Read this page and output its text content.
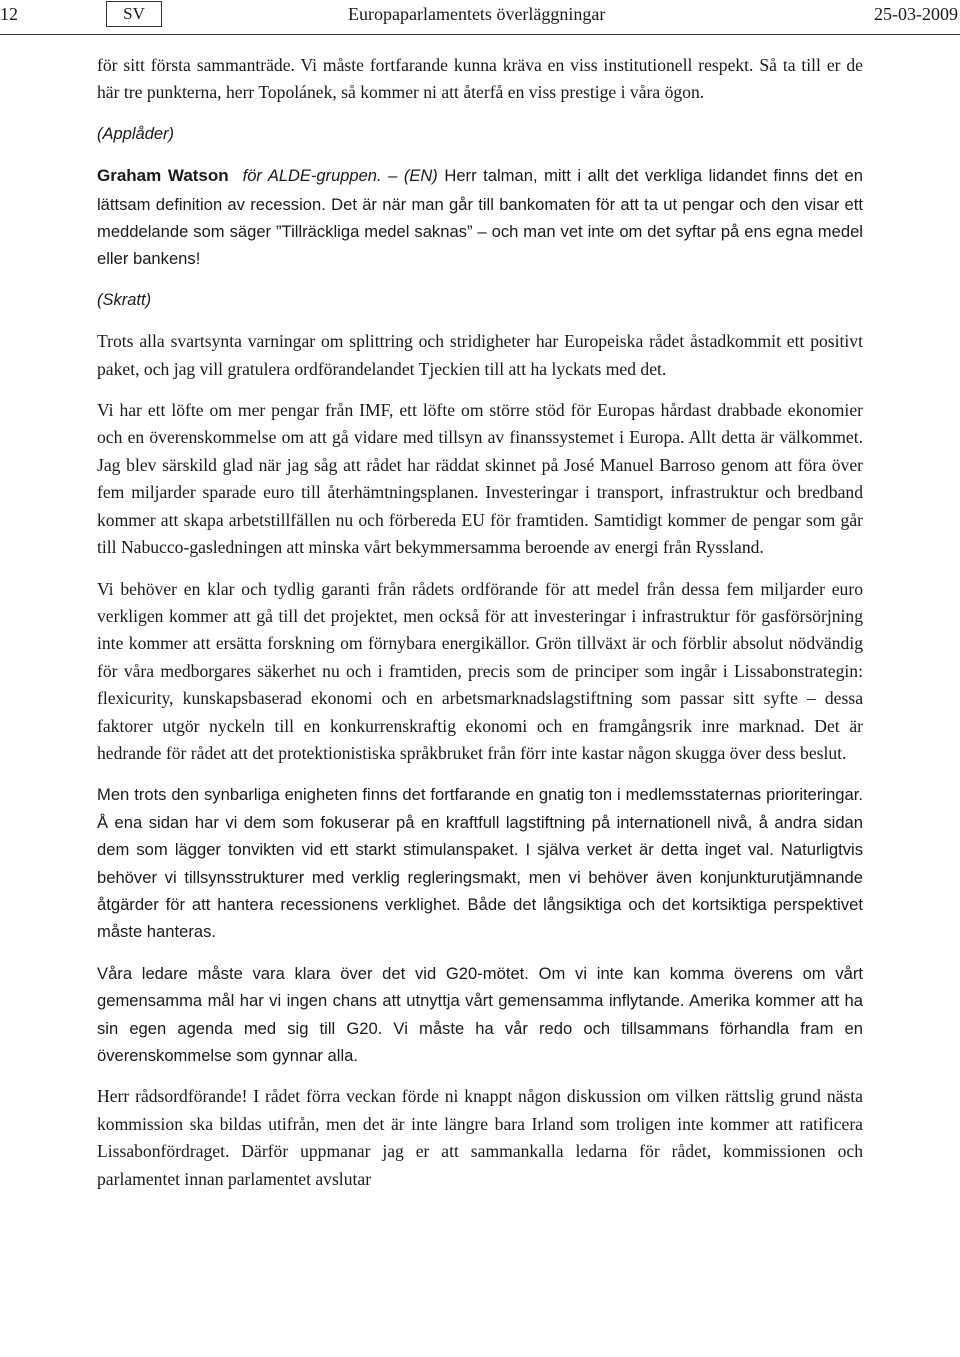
12	SV	Europaparlamentets överläggningar	25-03-2009

för sitt första sammanträde. Vi måste fortfarande kunna kräva en viss institutionell respekt. Så ta till er de här tre punkterna, herr Topolánek, så kommer ni att återfå en viss prestige i våra ögon.

(Applåder)

Graham Watson för ALDE-gruppen. – (EN) Herr talman, mitt i allt det verkliga lidandet finns det en lättsam definition av recession. Det är när man går till bankomaten för att ta ut pengar och den visar ett meddelande som säger ”Tillräckliga medel saknas” – och man vet inte om det syftar på ens egna medel eller bankens!

(Skratt)

Trots alla svartsynta varningar om splittring och stridigheter har Europeiska rådet åstadkommit ett positivt paket, och jag vill gratulera ordförandelandet Tjeckien till att ha lyckats med det.

Vi har ett löfte om mer pengar från IMF, ett löfte om större stöd för Europas hårdast drabbade ekonomier och en överenskommelse om att gå vidare med tillsyn av finanssystemet i Europa. Allt detta är välkommet. Jag blev särskild glad när jag såg att rådet har räddat skinnet på José Manuel Barroso genom att föra över fem miljarder sparade euro till återhämtningsplanen. Investeringar i transport, infrastruktur och bredband kommer att skapa arbetstillfällen nu och förbereda EU för framtiden. Samtidigt kommer de pengar som går till Nabucco-gasledningen att minska vårt bekymmersamma beroende av energi från Ryssland.

Vi behöver en klar och tydlig garanti från rådets ordförande för att medel från dessa fem miljarder euro verkligen kommer att gå till det projektet, men också för att investeringar i infrastruktur för gasförsörjning inte kommer att ersätta forskning om förnybara energikällor. Grön tillväxt är och förblir absolut nödvändig för våra medborgares säkerhet nu och i framtiden, precis som de principer som ingår i Lissabonstrategin: flexicurity, kunskapsbaserad ekonomi och en arbetsmarknadslagstiftning som passar sitt syfte – dessa faktorer utgör nyckeln till en konkurrenskraftig ekonomi och en framgångsrik inre marknad. Det är hedrande för rådet att det protektionistiska språkbruket från förr inte kastar någon skugga över dess beslut.

Men trots den synbarliga enigheten finns det fortfarande en gnatig ton i medlemsstaternas prioriteringar. Å ena sidan har vi dem som fokuserar på en kraftfull lagstiftning på internationell nivå, å andra sidan dem som lägger tonvikten vid ett starkt stimulanspaket. I själva verket är detta inget val. Naturligtvis behöver vi tillsynsstrukturer med verklig regleringsmakt, men vi behöver även konjunkturutjämnande åtgärder för att hantera recessionens verklighet. Både det långsiktiga och det kortsiktiga perspektivet måste hanteras.

Våra ledare måste vara klara över det vid G20-mötet. Om vi inte kan komma överens om vårt gemensamma mål har vi ingen chans att utnyttja vårt gemensamma inflytande. Amerika kommer att ha sin egen agenda med sig till G20. Vi måste ha vår redo och tillsammans förhandla fram en överenskommelse som gynnar alla.

Herr rådsordförande! I rådet förra veckan förde ni knappt någon diskussion om vilken rättslig grund nästa kommission ska bildas utifrån, men det är inte längre bara Irland som troligen inte kommer att ratificera Lissabonfördraget. Därför uppmanar jag er att sammankalla ledarna för rådet, kommissionen och parlamentet innan parlamentet avslutar
